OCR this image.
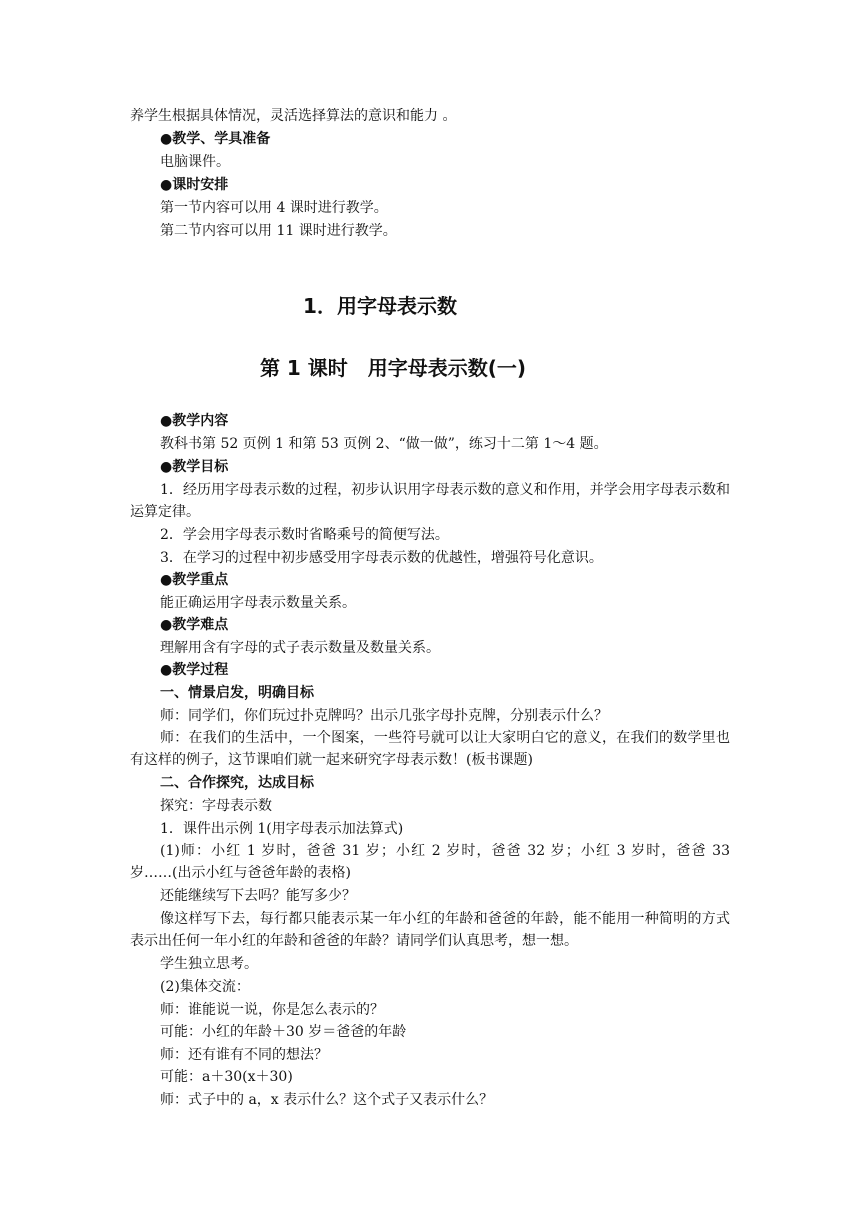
养学生根据具体情况，灵活选择算法的意识和能力 。

●教学、学具准备

电脑课件。

●课时安排

第一节内容可以用 4 课时进行教学。

第二节内容可以用 11 课时进行教学。

1．用字母表示数
第 1 课时　用字母表示数(一)

●教学内容

教科书第 52 页例 1 和第 53 页例 2、“做一做”，练习十二第 1～4 题。

●教学目标

1．经历用字母表示数的过程，初步认识用字母表示数的意义和作用，并学会用字母表示数和运算定律。

2．学会用字母表示数时省略乘号的简便写法。

3．在学习的过程中初步感受用字母表示数的优越性，增强符号化意识。

●教学重点

能正确运用字母表示数量关系。

●教学难点

理解用含有字母的式子表示数量及数量关系。

●教学过程

一、情景启发，明确目标

师：同学们，你们玩过扑克牌吗？出示几张字母扑克牌，分别表示什么？

师：在我们的生活中，一个图案，一些符号就可以让大家明白它的意义，在我们的数学里也有这样的例子，这节课咱们就一起来研究字母表示数！(板书课题)

二、合作探究，达成目标

探究：字母表示数

1．课件出示例 1(用字母表示加法算式)

(1)师：小红 1 岁时，爸爸 31 岁；小红 2 岁时，爸爸 32 岁；小红 3 岁时，爸爸 33 岁……(出示小红与爸爸年龄的表格)

还能继续写下去吗？能写多少？

像这样写下去，每行都只能表示某一年小红的年龄和爸爸的年龄，能不能用一种简明的方式表示出任何一年小红的年龄和爸爸的年龄？请同学们认真思考，想一想。

学生独立思考。

(2)集体交流：

师：谁能说一说，你是怎么表示的？

可能：小红的年龄＋30 岁＝爸爸的年龄

师：还有谁有不同的想法？

可能：a＋30(x＋30)

师：式子中的 a，x 表示什么？这个式子又表示什么？
